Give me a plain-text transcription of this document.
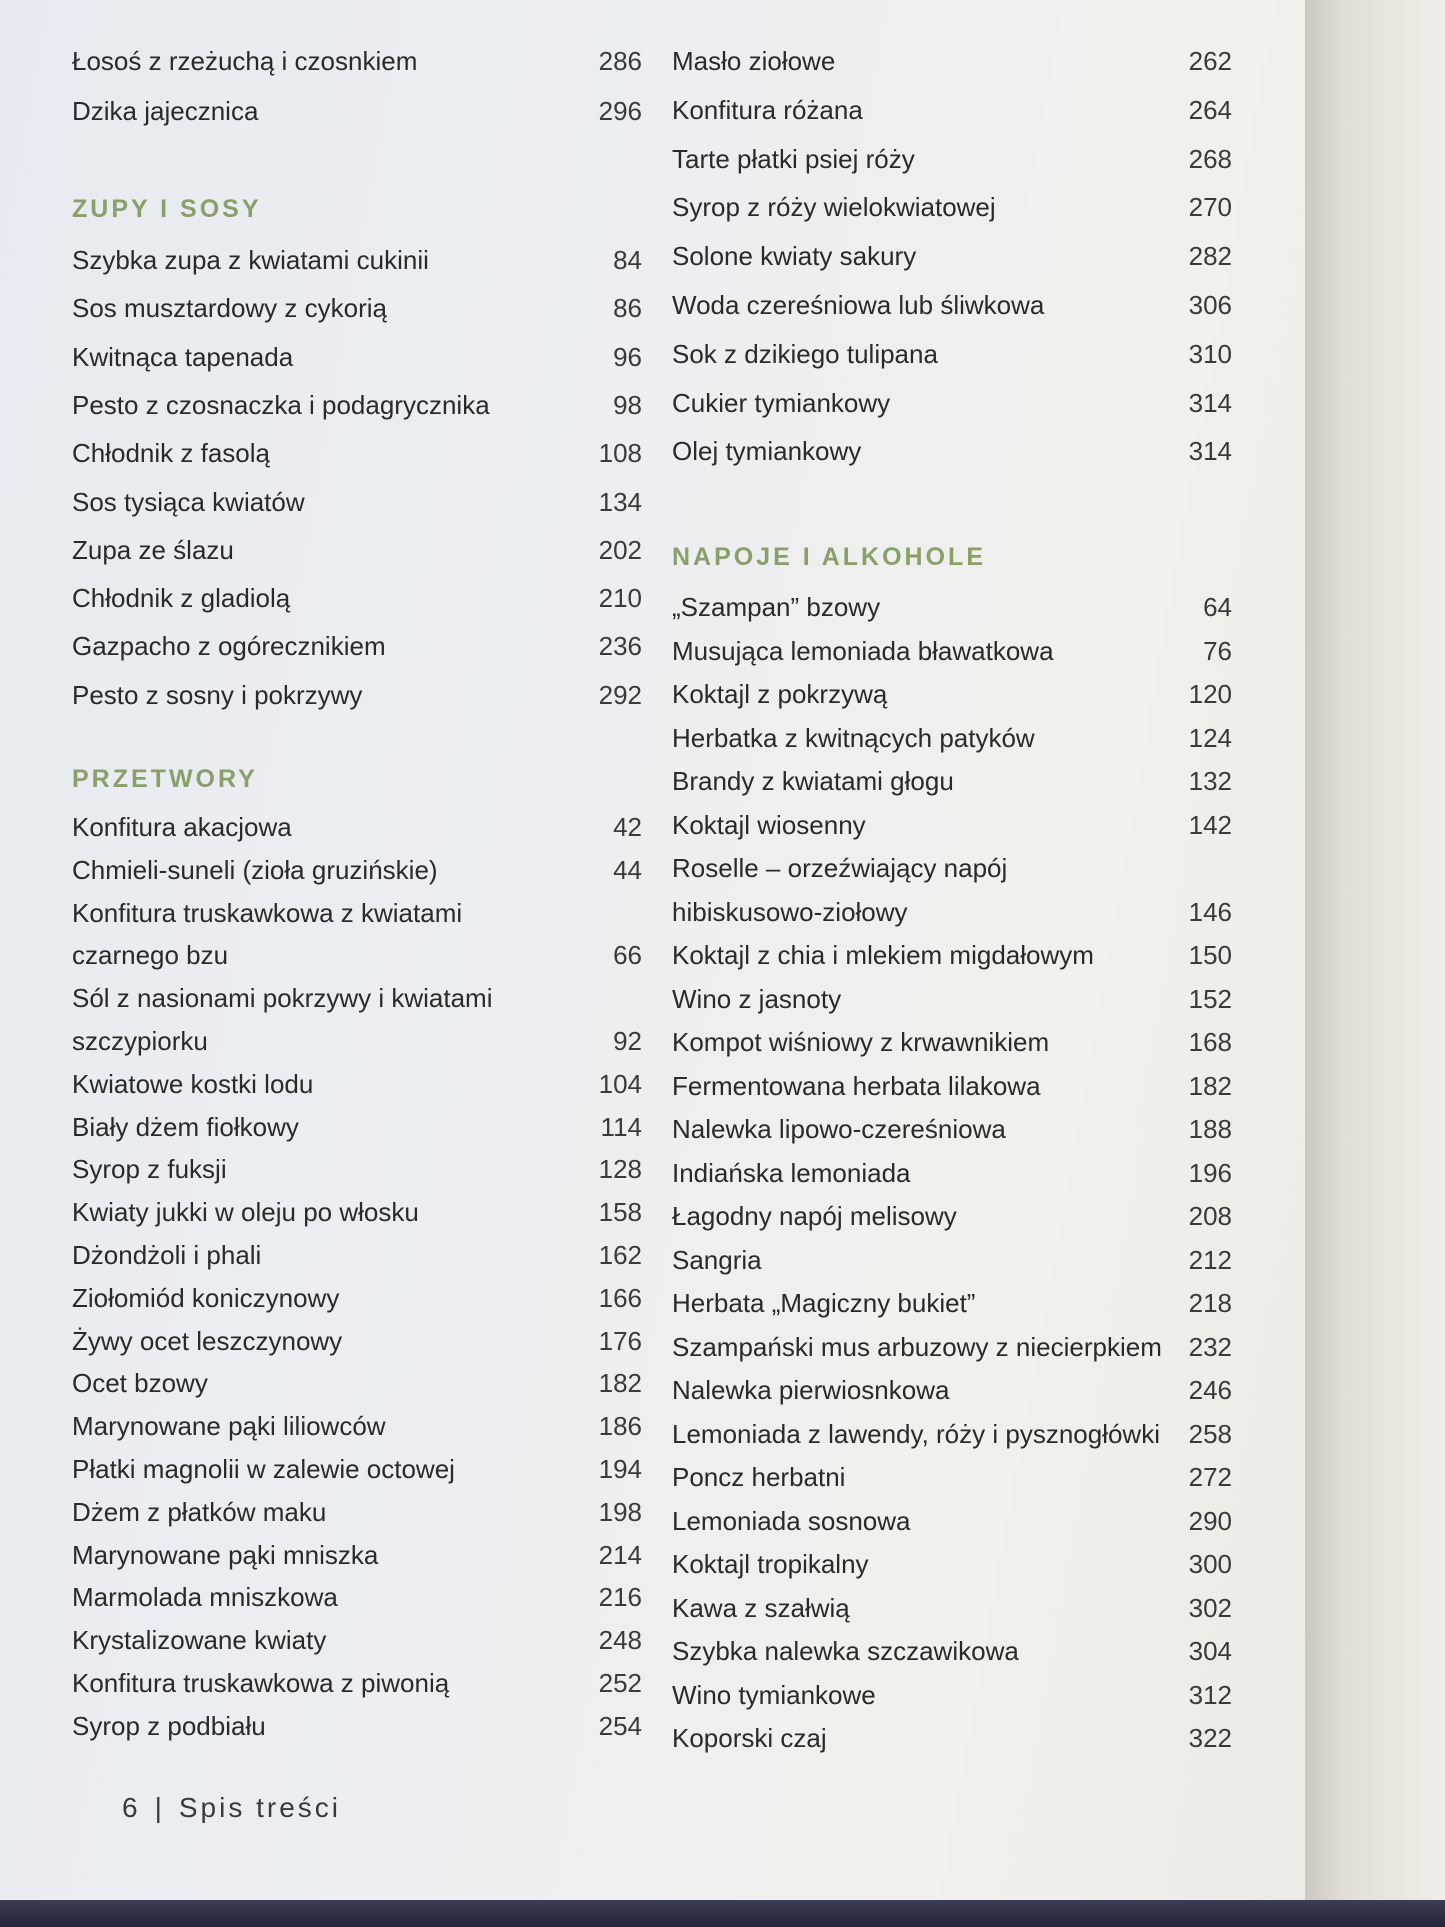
Łosoś z rzeżuchą i czosnkiem	286
Dzika jajecznica	296
ZUPY I SOSY
Szybka zupa z kwiatami cukinii	84
Sos musztardowy z cykorią	86
Kwitnąca tapenada	96
Pesto z czosnaczka i podagrycznika	98
Chłodnik z fasolą	108
Sos tysiąca kwiatów	134
Zupa ze ślazu	202
Chłodnik z gladiolą	210
Gazpacho z ogórecznikiem	236
Pesto z sosny i pokrzywy	292
PRZETWORY
Konfitura akacjowa	42
Chmieli-suneli (zioła gruzińskie)	44
Konfitura truskawkowa z kwiatami
czarnego bzu	66
Sól z nasionami pokrzywy i kwiatami
szczypiorku	92
Kwiatowe kostki lodu	104
Biały dżem fiołkowy	114
Syrop z fuksji	128
Kwiaty jukki w oleju po włosku	158
Dżondżoli i phali	162
Ziołomiód koniczynowy	166
Żywy ocet leszczynowy	176
Ocet bzowy	182
Marynowane pąki liliowców	186
Płatki magnolii w zalewie octowej	194
Dżem z płatków maku	198
Marynowane pąki mniszka	214
Marmolada mniszkowa	216
Krystalizowane kwiaty	248
Konfitura truskawkowa z piwonią	252
Syrop z podbiału	254
Masło ziołowe	262
Konfitura różana	264
Tarte płatki psiej róży	268
Syrop z róży wielokwiatowej	270
Solone kwiaty sakury	282
Woda czereśniowa lub śliwkowa	306
Sok z dzikiego tulipana	310
Cukier tymiankowy	314
Olej tymiankowy	314
NAPOJE I ALKOHOLE
„Szampan” bzowy	64
Musująca lemoniada bławatkowa	76
Koktajl z pokrzywą	120
Herbatka z kwitnących patyków	124
Brandy z kwiatami głogu	132
Koktajl wiosenny	142
Roselle – orzeźwiający napój
hibiskusowo-ziołowy	146
Koktajl z chia i mlekiem migdałowym	150
Wino z jasnoty	152
Kompot wiśniowy z krwawnikiem	168
Fermentowana herbata lilakowa	182
Nalewka lipowo-czereśniowa	188
Indiańska lemoniada	196
Łagodny napój melisowy	208
Sangria	212
Herbata „Magiczny bukiet”	218
Szampański mus arbuzowy z niecierpkiem 232
Nalewka pierwiosnkowa	246
Lemoniada z lawendy, róży i pysznogłówki 258
Poncz herbatni	272
Lemoniada sosnowa	290
Koktajl tropikalny	300
Kawa z szałwią	302
Szybka nalewka szczawikowa	304
Wino tymiankowe	312
Koporski czaj	322
6 | Spis treści
